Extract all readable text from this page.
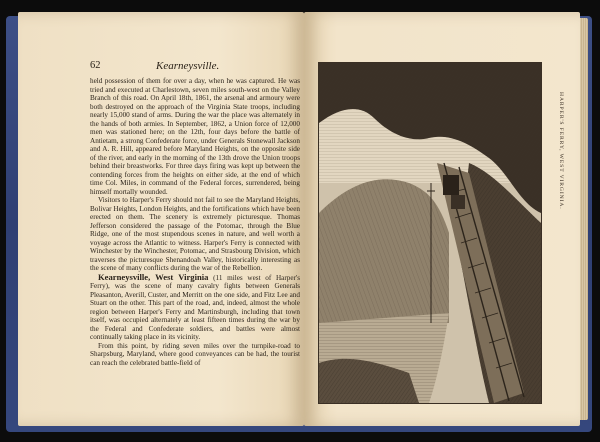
62	Kearneysville.

held possession of them for over a day, when he was captured. He was tried and executed at Charlestown, seven miles south-west on the Valley Branch of this road. On April 18th, 1861, the arsenal and armoury were both destroyed on the approach of the Virginia State troops, including nearly 15,000 stand of arms. During the war the place was alternately in the hands of both armies. In September, 1862, a Union force of 12,000 men was stationed here; on the 12th, four days before the battle of Antietam, a strong Confederate force, under Generals Stonewall Jackson and A. R. Hill, appeared before Maryland Heights, on the opposite side of the river, and early in the morning of the 13th drove the Union troops behind their breastworks. For three days firing was kept up between the contending forces from the heights on either side, at the end of which time Col. Miles, in command of the Federal forces, surrendered, being himself mortally wounded.

Visitors to Harper's Ferry should not fail to see the Maryland Heights, Bolivar Heights, London Heights, and the fortifications which have been erected on them. The scenery is extremely picturesque. Thomas Jefferson considered the passage of the Potomac, through the Blue Ridge, one of the most stupendous scenes in nature, and well worth a voyage across the Atlantic to witness. Harper's Ferry is connected with Winchester by the Winchester, Potomac, and Strasbourg Division, which traverses the picturesque Shenandoah Valley, historically interesting as the scene of many conflicts during the war of the Rebellion.

Kearneysville, West Virginia (11 miles west of Harper's Ferry), was the scene of many cavalry fights between Generals Pleasanton, Averill, Custer, and Merritt on the one side, and Fitz Lee and Stuart on the other. This part of the road, and, indeed, almost the whole region between Harper's Ferry and Martinsburgh, including that town itself, was occupied alternately at least fifteen times during the war by the Federal and Confederate soldiers, and battles were almost continually taking place in its vicinity.

From this point, by riding seven miles over the turnpike-road to Sharpsburg, Maryland, where good conveyances can be had, the tourist can reach the celebrated battle-field of

HARPER'S FERRY, WEST VIRGINIA.
